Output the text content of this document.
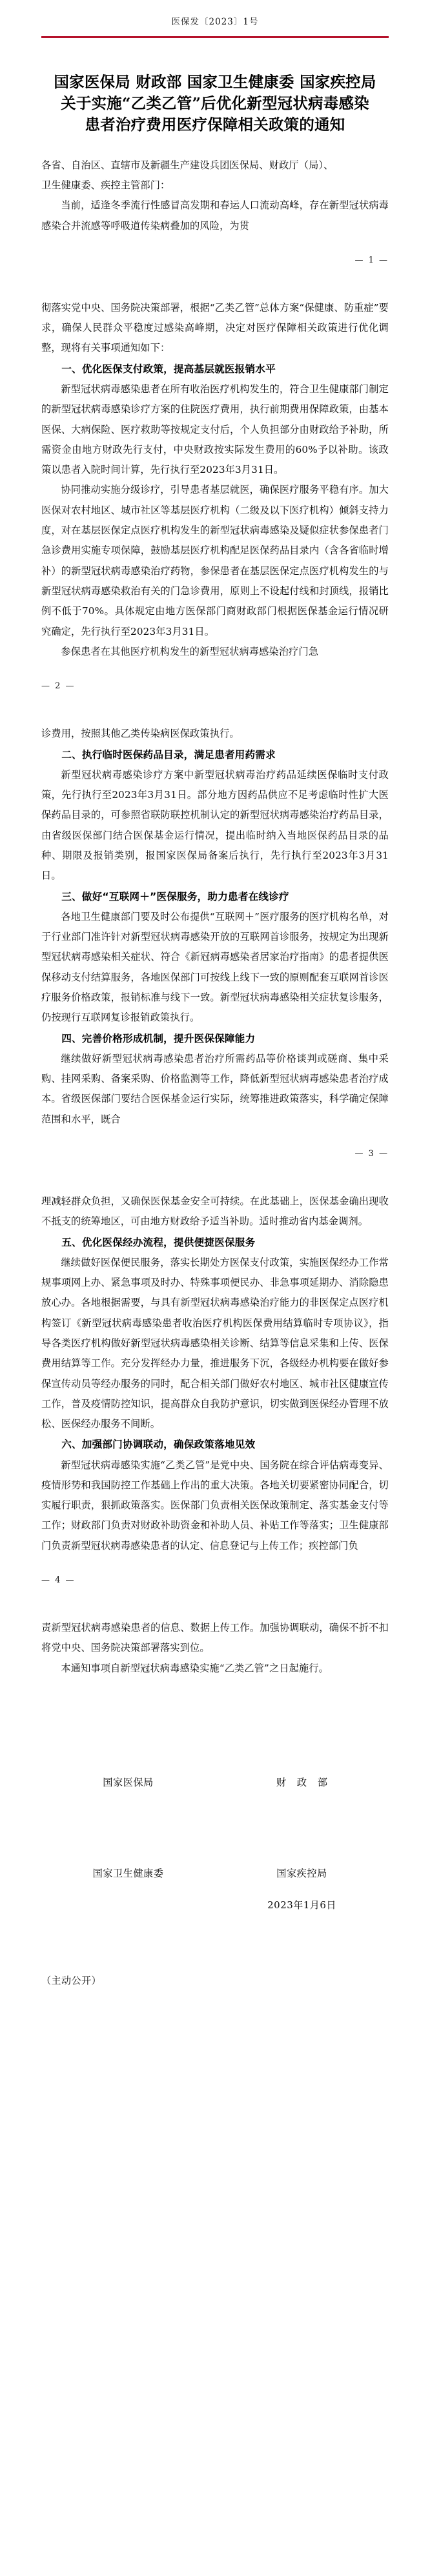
医保发〔2023〕1号
国家医保局 财政部 国家卫生健康委 国家疾控局
关于实施“乙类乙管”后优化新型冠状病毒感染
患者治疗费用医疗保障相关政策的通知

各省、自治区、直辖市及新疆生产建设兵团医保局、财政厅（局）、

卫生健康委、疾控主管部门：

当前，适逢冬季流行性感冒高发期和春运人口流动高峰，存在新型冠状病毒感染合并流感等呼吸道传染病叠加的风险，为贯

— 1 —

彻落实党中央、国务院决策部署，根据“乙类乙管”总体方案“保健康、防重症”要求，确保人民群众平稳度过感染高峰期，决定对医疗保障相关政策进行优化调整，现将有关事项通知如下：

一、优化医保支付政策，提高基层就医报销水平

新型冠状病毒感染患者在所有收治医疗机构发生的，符合卫生健康部门制定的新型冠状病毒感染诊疗方案的住院医疗费用，执行前期费用保障政策，由基本医保、大病保险、医疗救助等按规定支付后，个人负担部分由财政给予补助，所需资金由地方财政先行支付，中央财政按实际发生费用的60%予以补助。该政策以患者入院时间计算，先行执行至2023年3月31日。

协同推动实施分级诊疗，引导患者基层就医，确保医疗服务平稳有序。加大医保对农村地区、城市社区等基层医疗机构（二级及以下医疗机构）倾斜支持力度，对在基层医保定点医疗机构发生的新型冠状病毒感染及疑似症状参保患者门急诊费用实施专项保障，鼓励基层医疗机构配足医保药品目录内（含各省临时增补）的新型冠状病毒感染治疗药物，参保患者在基层医保定点医疗机构发生的与新型冠状病毒感染救治有关的门急诊费用，原则上不设起付线和封顶线，报销比例不低于70%。具体规定由地方医保部门商财政部门根据医保基金运行情况研究确定，先行执行至2023年3月31日。

参保患者在其他医疗机构发生的新型冠状病毒感染治疗门急

— 2 —

诊费用，按照其他乙类传染病医保政策执行。

二、执行临时医保药品目录，满足患者用药需求

新型冠状病毒感染诊疗方案中新型冠状病毒治疗药品延续医保临时支付政策，先行执行至2023年3月31日。部分地方因药品供应不足考虑临时性扩大医保药品目录的，可参照省联防联控机制认定的新型冠状病毒感染治疗药品目录，由省级医保部门结合医保基金运行情况，提出临时纳入当地医保药品目录的品种、期限及报销类别，报国家医保局备案后执行，先行执行至2023年3月31日。

三、做好“互联网＋”医保服务，助力患者在线诊疗

各地卫生健康部门要及时公布提供“互联网＋”医疗服务的医疗机构名单，对于行业部门准许针对新型冠状病毒感染开放的互联网首诊服务，按规定为出现新型冠状病毒感染相关症状、符合《新冠病毒感染者居家治疗指南》的患者提供医保移动支付结算服务，各地医保部门可按线上线下一致的原则配套互联网首诊医疗服务价格政策，报销标准与线下一致。新型冠状病毒感染相关症状复诊服务，仍按现行互联网复诊报销政策执行。

四、完善价格形成机制，提升医保保障能力

继续做好新型冠状病毒感染患者治疗所需药品等价格谈判或磋商、集中采购、挂网采购、备案采购、价格监测等工作，降低新型冠状病毒感染患者治疗成本。省级医保部门要结合医保基金运行实际，统筹推进政策落实，科学确定保障范围和水平，既合

— 3 —

理减轻群众负担，又确保医保基金安全可持续。在此基础上，医保基金确出现收不抵支的统筹地区，可由地方财政给予适当补助。适时推动省内基金调剂。

五、优化医保经办流程，提供便捷医保服务

继续做好医保便民服务，落实长期处方医保支付政策，实施医保经办工作常规事项网上办、紧急事项及时办、特殊事项便民办、非急事项延期办、消除隐患放心办。各地根据需要，与具有新型冠状病毒感染治疗能力的非医保定点医疗机构签订《新型冠状病毒感染患者收治医疗机构医保费用结算临时专项协议》，指导各类医疗机构做好新型冠状病毒感染相关诊断、结算等信息采集和上传、医保费用结算等工作。充分发挥经办力量，推进服务下沉，各级经办机构要在做好参保宣传动员等经办服务的同时，配合相关部门做好农村地区、城市社区健康宣传工作，普及疫情防控知识，提高群众自我防护意识，切实做到医保经办管理不放松、医保经办服务不间断。

六、加强部门协调联动，确保政策落地见效

新型冠状病毒感染实施“乙类乙管”是党中央、国务院在综合评估病毒变异、疫情形势和我国防控工作基础上作出的重大决策。各地关切要紧密协同配合，切实履行职责，狠抓政策落实。医保部门负责相关医保政策制定、落实基金支付等工作；财政部门负责对财政补助资金和补助人员、补贴工作等落实；卫生健康部门负责新型冠状病毒感染患者的认定、信息登记与上传工作；疾控部门负

— 4 —

责新型冠状病毒感染患者的信息、数据上传工作。加强协调联动，确保不折不扣将党中央、国务院决策部署落实到位。

本通知事项自新型冠状病毒感染实施“乙类乙管”之日起施行。

国家医保局	财 政 部
国家卫生健康委	国家疾控局
2023年1月6日
（主动公开）
